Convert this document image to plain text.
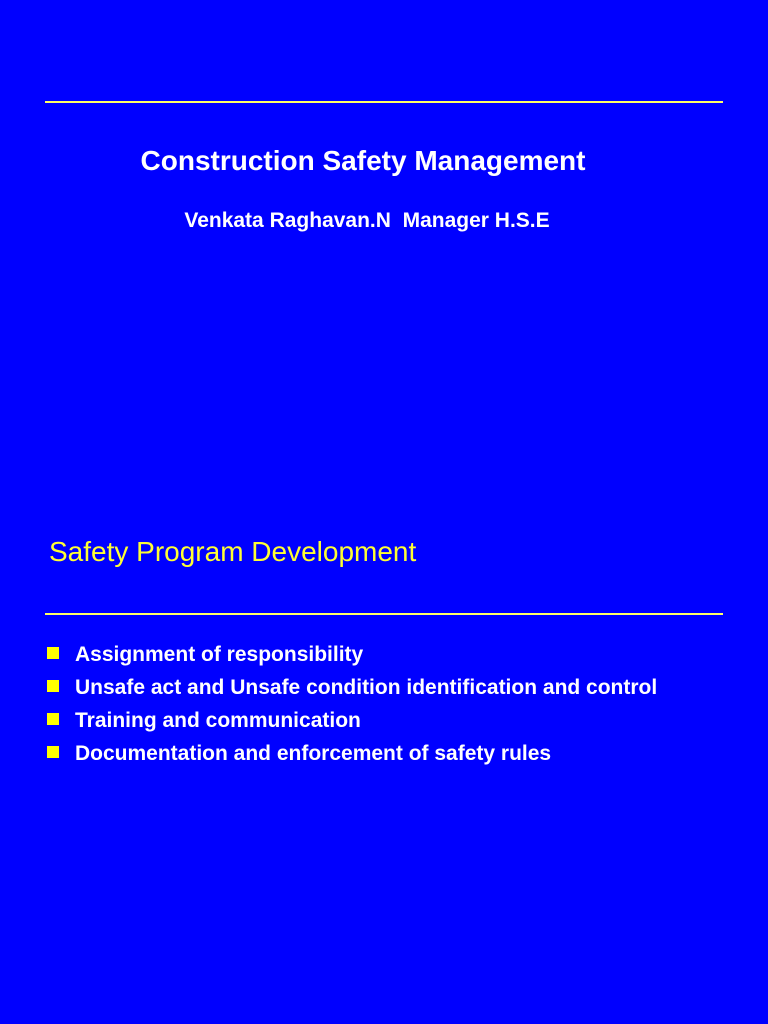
Construction Safety Management
Venkata Raghavan.N  Manager H.S.E
Safety Program Development
Assignment of responsibility
Unsafe act and Unsafe condition identification and control
Training and communication
Documentation and enforcement of safety rules
